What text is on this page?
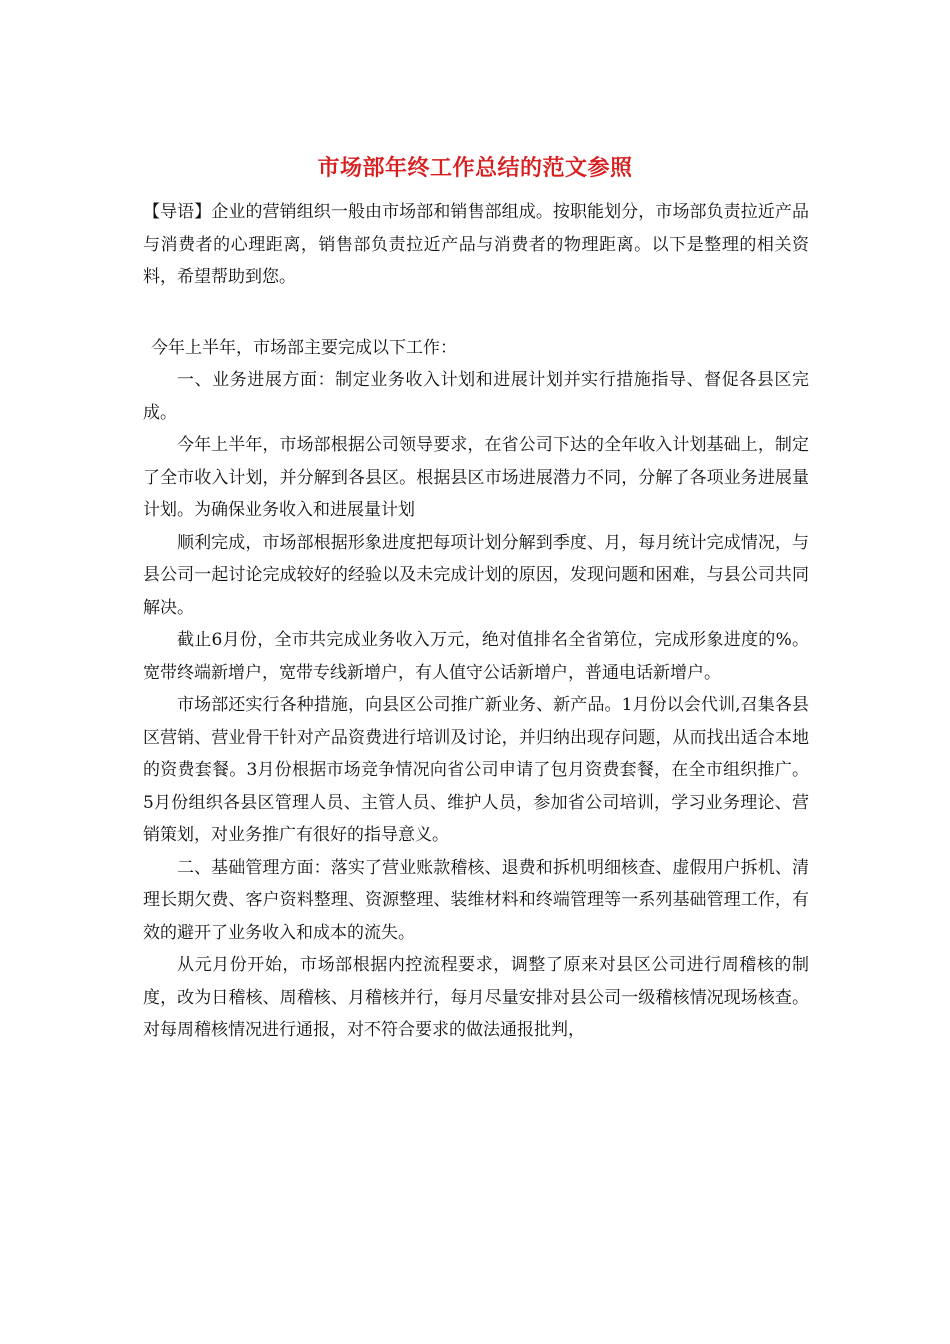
市场部年终工作总结的范文参照

【导语】企业的营销组织一般由市场部和销售部组成。按职能划分，市场部负责拉近产品与消费者的心理距离，销售部负责拉近产品与消费者的物理距离。以下是整理的相关资料，希望帮助到您。

今年上半年，市场部主要完成以下工作：

一、业务进展方面：制定业务收入计划和进展计划并实行措施指导、督促各县区完成。

今年上半年，市场部根据公司领导要求，在省公司下达的全年收入计划基础上，制定了全市收入计划，并分解到各县区。根据县区市场进展潜力不同，分解了各项业务进展量计划。为确保业务收入和进展量计划

顺利完成，市场部根据形象进度把每项计划分解到季度、月，每月统计完成情况，与县公司一起讨论完成较好的经验以及未完成计划的原因，发现问题和困难，与县公司共同解决。

截止6月份，全市共完成业务收入万元，绝对值排名全省第位，完成形象进度的%。宽带终端新增户，宽带专线新增户，有人值守公话新增户，普通电话新增户。

市场部还实行各种措施，向县区公司推广新业务、新产品。1月份以会代训,召集各县区营销、营业骨干针对产品资费进行培训及讨论，并归纳出现存问题，从而找出适合本地的资费套餐。3月份根据市场竞争情况向省公司申请了包月资费套餐，在全市组织推广。5月份组织各县区管理人员、主管人员、维护人员，参加省公司培训，学习业务理论、营销策划，对业务推广有很好的指导意义。

二、基础管理方面：落实了营业账款稽核、退费和拆机明细核查、虚假用户拆机、清理长期欠费、客户资料整理、资源整理、装维材料和终端管理等一系列基础管理工作，有效的避开了业务收入和成本的流失。

从元月份开始，市场部根据内控流程要求，调整了原来对县区公司进行周稽核的制度，改为日稽核、周稽核、月稽核并行，每月尽量安排对县公司一级稽核情况现场核查。对每周稽核情况进行通报，对不符合要求的做法通报批判，
